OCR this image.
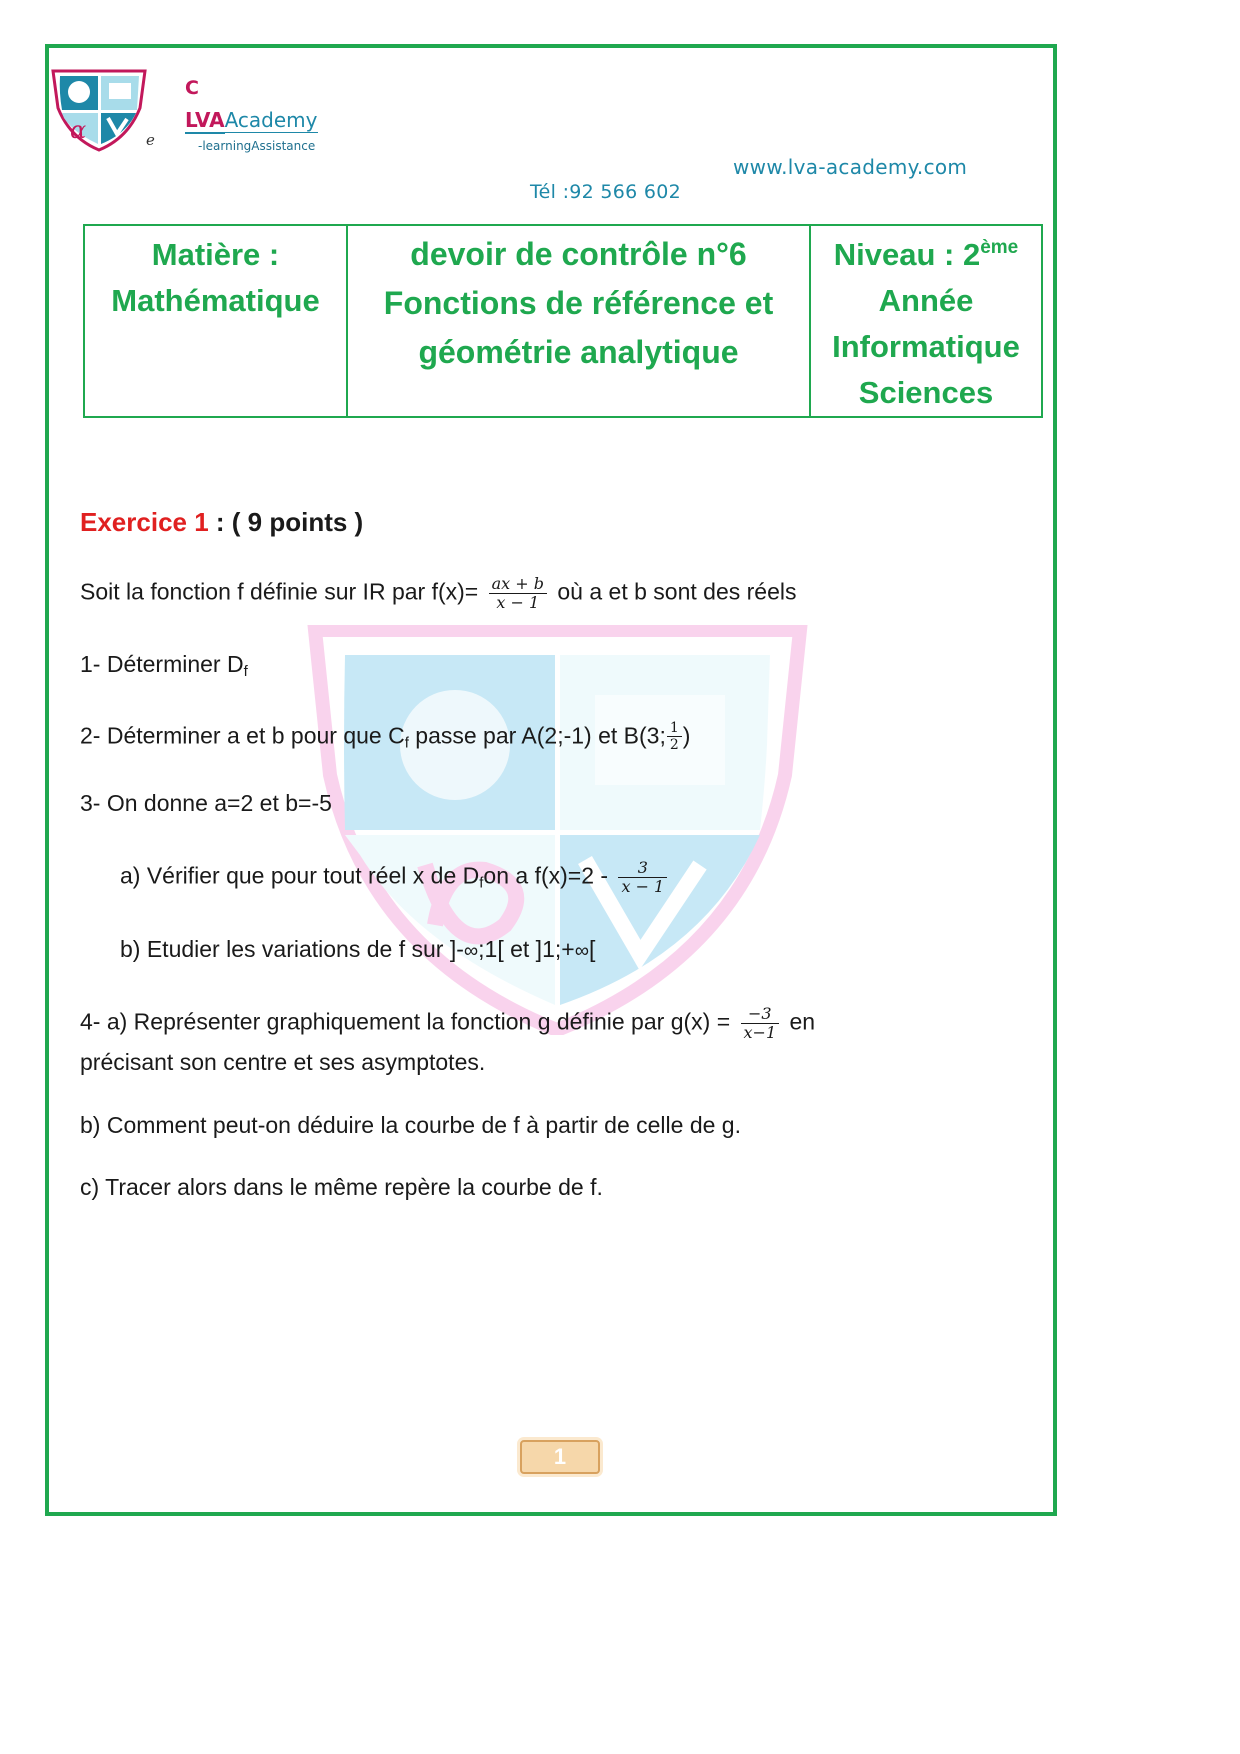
α	e
C
LVAAcademy
-learningAssistance
www.lva-academy.com
Tél :92 566 602
Matière :
Mathématique

devoir de contrôle n°6
Fonctions de référence et
géométrie analytique

Niveau : 2ème
Année
Informatique
Sciences
Exercice 1 : ( 9 points )
Soit la fonction f définie sur IR par $f(x)= \frac{ax + b}{x - 1}$ où a et b sont des réels
1- Déterminer $D_f$
2- Déterminer a et b pour que $C_f$ passe par A(2;-1) et B(3; $\frac{1}{2}$ )
3- On donne a=2 et b=-5
a) Vérifier que pour tout réel x de $D_fon$ a $f(x)=2 - \frac{3}{x - 1}$
b) Etudier les variations de f sur ]-∞;1[ et ]1;+∞[
4- a) Représenter graphiquement la fonction g définie par $g(x) = \frac{-3}{x-1}$ en
précisant son centre et ses asymptotes.
b) Comment peut-on déduire la courbe de f à partir de celle de g.
c) Tracer alors dans le même repère la courbe de f.
1
